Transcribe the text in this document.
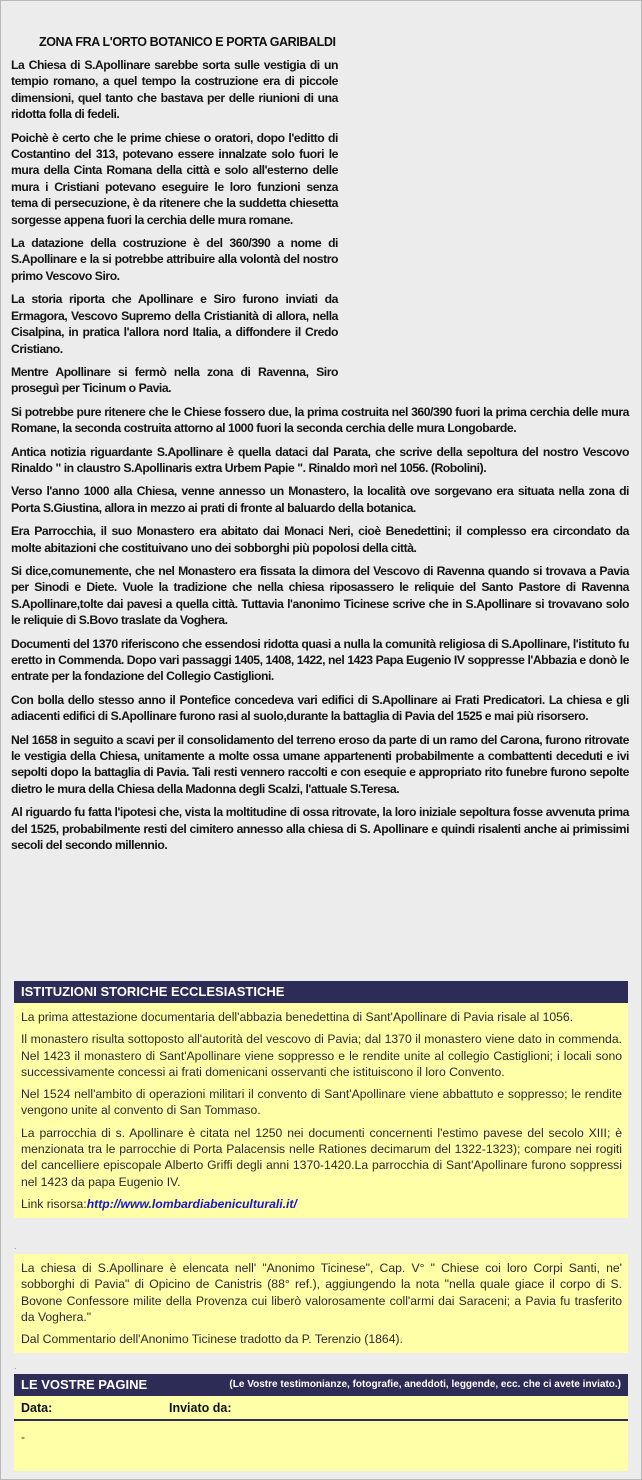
ZONA FRA L'ORTO BOTANICO E PORTA GARIBALDI

La Chiesa di S.Apollinare sarebbe sorta sulle vestigia di un tempio romano, a quel tempo la costruzione era di piccole dimensioni, quel tanto che bastava per delle riunioni di una ridotta folla di fedeli.

Poichè è certo che le prime chiese o oratori, dopo l'editto di Costantino del 313, potevano essere innalzate solo fuori le mura della Cinta Romana della città e solo all'esterno delle mura i Cristiani potevano eseguire le loro funzioni senza tema di persecuzione, è da ritenere che la suddetta chiesetta sorgesse appena fuori la cerchia delle mura romane.

La datazione della costruzione è del 360/390 a nome di S.Apollinare e la si potrebbe attribuire alla volontà del nostro primo Vescovo Siro.

La storia riporta che Apollinare e Siro furono inviati da Ermagora, Vescovo Supremo della Cristianità di allora, nella Cisalpina, in pratica l'allora nord Italia, a diffondere il Credo Cristiano.

Mentre Apollinare si fermò nella zona di Ravenna, Siro proseguì per Ticinum o Pavia.

Si potrebbe pure ritenere che le Chiese fossero due, la prima costruita nel 360/390 fuori la prima cerchia delle mura Romane, la seconda costruita attorno al 1000 fuori la seconda cerchia delle mura Longobarde.

Antica notizia riguardante S.Apollinare è quella dataci dal Parata, che scrive della sepoltura del nostro Vescovo Rinaldo " in claustro S.Apollinaris extra Urbem Papie ". Rinaldo morì nel 1056. (Robolini).

Verso l'anno 1000 alla Chiesa, venne annesso un Monastero, la località ove sorgevano era situata nella zona di Porta S.Giustina, allora in mezzo ai prati di fronte al baluardo della botanica.

Era Parrocchia, il suo Monastero era abitato dai Monaci Neri, cioè Benedettini; il complesso era circondato da molte abitazioni che costituivano uno dei sobborghi più popolosi della città.

Si dice,comunemente, che nel Monastero era fissata la dimora del Vescovo di Ravenna quando si trovava a Pavia per Sinodi e Diete. Vuole la tradizione che nella chiesa riposassero le reliquie del Santo Pastore di Ravenna S.Apollinare,tolte dai pavesi a quella città. Tuttavia l'anonimo Ticinese scrive che in S.Apollinare si trovavano solo le reliquie di S.Bovo traslate da Voghera.

Documenti del 1370 riferiscono che essendosi ridotta quasi a nulla la comunità religiosa di S.Apollinare, l'istituto fu eretto in Commenda. Dopo vari passaggi 1405, 1408, 1422, nel 1423 Papa Eugenio IV soppresse l'Abbazia e donò le entrate per la fondazione del Collegio Castiglioni.

Con bolla dello stesso anno il Pontefice concedeva vari edifici di S.Apollinare ai Frati Predicatori. La chiesa e gli adiacenti edifici di S.Apollinare furono rasi al suolo,durante la battaglia di Pavia del 1525 e mai più risorsero.

Nel 1658 in seguito a scavi per il consolidamento del terreno eroso da parte di un ramo del Carona, furono ritrovate le vestigia della Chiesa, unitamente a molte ossa umane appartenenti probabilmente a combattenti deceduti e ivi sepolti dopo la battaglia di Pavia. Tali resti vennero raccolti e con esequie e appropriato rito funebre furono sepolte dietro le mura della Chiesa della Madonna degli Scalzi, l'attuale S.Teresa.

Al riguardo fu fatta l'ipotesi che, vista la moltitudine di ossa ritrovate, la loro iniziale sepoltura fosse avvenuta prima del 1525, probabilmente resti del cimitero annesso alla chiesa di S. Apollinare e quindi risalenti anche ai primissimi secoli del secondo millennio.

ISTITUZIONI STORICHE ECCLESIASTICHE

La prima attestazione documentaria dell'abbazia benedettina di Sant'Apollinare di Pavia risale al 1056.

Il monastero risulta sottoposto all'autorità del vescovo di Pavia; dal 1370 il monastero viene dato in commenda. Nel 1423 il monastero di Sant'Apollinare viene soppresso e le rendite unite al collegio Castiglioni; i locali sono successivamente concessi ai frati domenicani osservanti che istituiscono il loro Convento.

Nel 1524 nell'ambito di operazioni militari il convento di Sant'Apollinare viene abbattuto e soppresso; le rendite vengono unite al convento di San Tommaso.

La parrocchia di s. Apollinare è citata nel 1250 nei documenti concernenti l'estimo pavese del secolo XIII; è menzionata tra le parrocchie di Porta Palacensis nelle Rationes decimarum del 1322-1323); compare nei rogiti del cancelliere episcopale Alberto Griffi degli anni 1370-1420.La parrocchia di Sant'Apollinare furono soppressi nel 1423 da papa Eugenio IV.

Link risorsa:http://www.lombardiabeniculturali.it/

.

La chiesa di S.Apollinare è elencata nell' "Anonimo Ticinese", Cap. V° " Chiese coi loro Corpi Santi, ne' sobborghi di Pavia" di Opicino de Canistris (88° ref.), aggiungendo la nota "nella quale giace il corpo di S. Bovone Confessore milite della Provenza cui liberò valorosamente coll'armi dai Saraceni; a Pavia fu trasferito da Voghera."

Dal Commentario dell'Anonimo Ticinese tradotto da P. Terenzio (1864).

.
LE VOSTRE PAGINE	(Le Vostre testimonianze, fotografie, aneddoti, leggende, ecc. che ci avete inviato.)
Data:	Inviato da:
-
